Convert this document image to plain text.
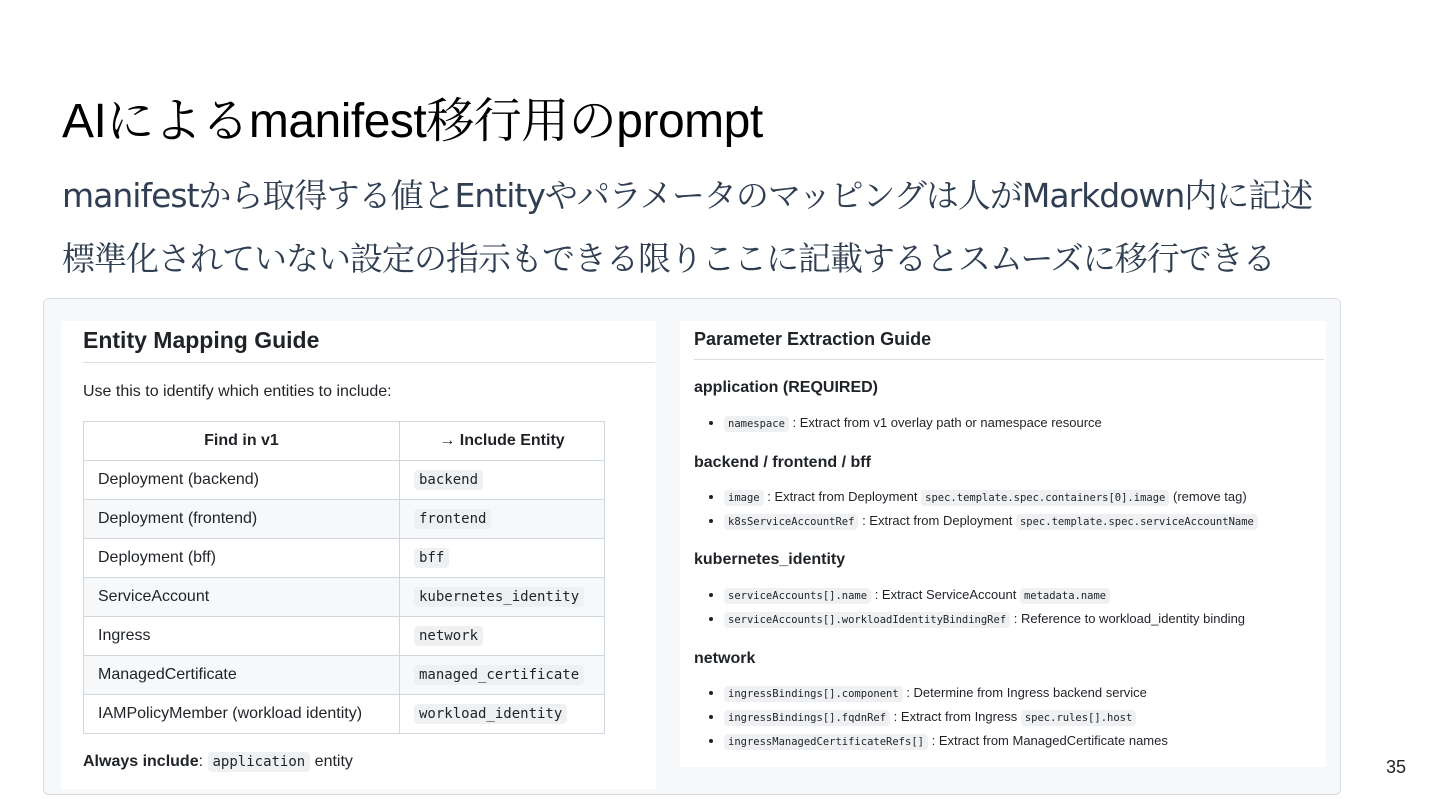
AIによるmanifest移行用のprompt
manifestから取得する値とEntityやパラメータのマッピングは人がMarkdown内に記述
標準化されていない設定の指示もできる限りここに記載するとスムーズに移行できる
Entity Mapping Guide
Use this to identify which entities to include:
Find in v1	→ Include Entity
Deployment (backend)	backend
Deployment (frontend)	frontend
Deployment (bff)	bff
ServiceAccount	kubernetes_identity
Ingress	network
ManagedCertificate	managed_certificate
IAMPolicyMember (workload identity)	workload_identity
Always include: application entity
Parameter Extraction Guide
application (REQUIRED)
• namespace : Extract from v1 overlay path or namespace resource
backend / frontend / bff
• image : Extract from Deployment spec.template.spec.containers[0].image (remove tag)
• k8sServiceAccountRef : Extract from Deployment spec.template.spec.serviceAccountName
kubernetes_identity
• serviceAccounts[].name : Extract ServiceAccount metadata.name
• serviceAccounts[].workloadIdentityBindingRef : Reference to workload_identity binding
network
• ingressBindings[].component : Determine from Ingress backend service
• ingressBindings[].fqdnRef : Extract from Ingress spec.rules[].host
• ingressManagedCertificateRefs[] : Extract from ManagedCertificate names
35
